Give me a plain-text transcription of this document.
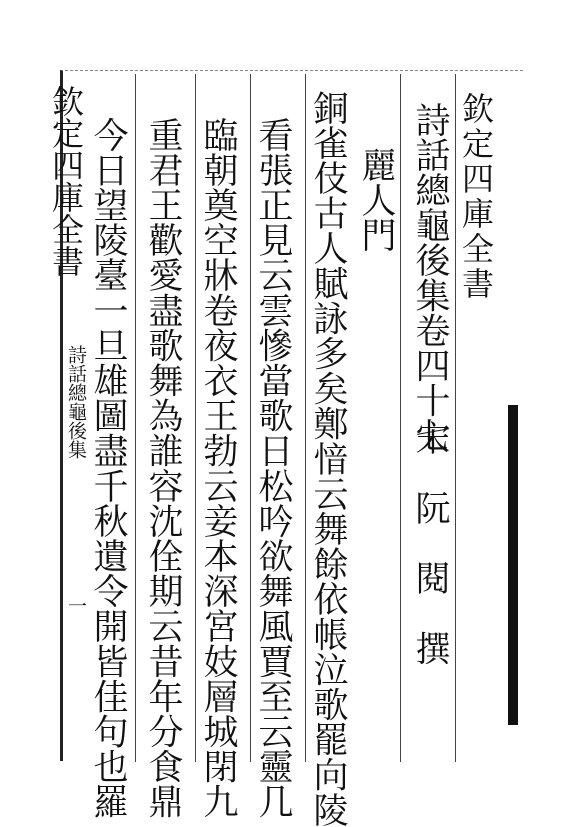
欽定四庫全書
詩話總龜後集
一
欽定四庫全書
詩話總龜後集卷四十七
宋　阮　閱　撰
麗人門
銅雀伎古人賦詠多矣鄭愔云舞餘依帳泣歌罷向陵
看張正見云雲慘當歌日松吟欲舞風賈至云靈几
臨朝奠空牀卷夜衣王勃云妾本深宮妓層城閉九
重君王歡愛盡歌舞為誰容沈佺期云昔年分食鼎
今日望陵臺一旦雄圖盡千秋遺令開皆佳句也羅
